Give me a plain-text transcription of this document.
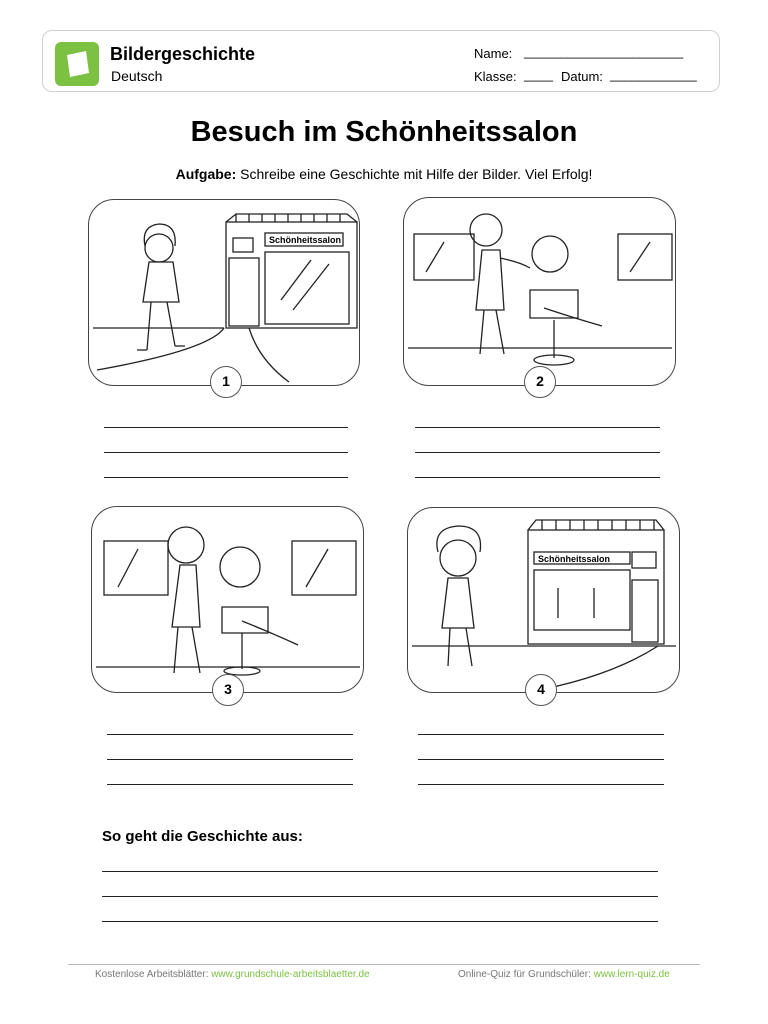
Bildergeschichte
Deutsch
Name: ______________________
Klasse: ____ Datum: ____________
Besuch im Schönheitssalon
Aufgabe: Schreibe eine Geschichte mit Hilfe der Bilder. Viel Erfolg!
Schönheitssalon
1	2
3
Schönheitssalon
4
So geht die Geschichte aus:
Kostenlose Arbeitsblätter: www.grundschule-arbeitsblaetter.de	Online-Quiz für Grundschüler: www.lern-quiz.de
